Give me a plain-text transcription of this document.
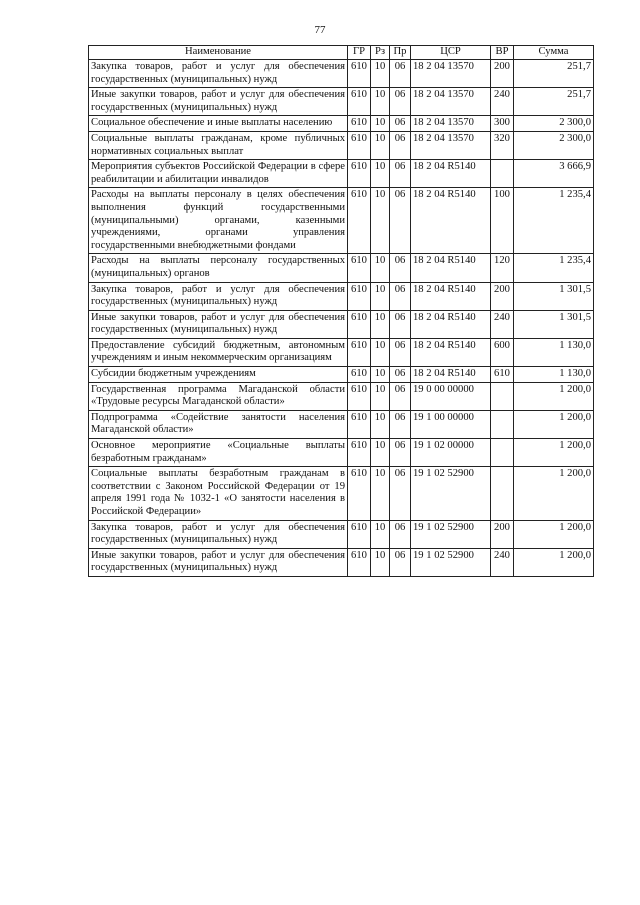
77
Наименование	ГР	Рз	Пр	ЦСР	ВР	Сумма
Закупка товаров, работ и услуг для обеспечения государственных (муниципальных) нужд	610	10	06	18 2 04 13570	200	251,7
Иные закупки товаров, работ и услуг для обеспечения государственных (муниципальных) нужд	610	10	06	18 2 04 13570	240	251,7
Социальное обеспечение и иные выплаты населению	610	10	06	18 2 04 13570	300	2 300,0
Социальные выплаты гражданам, кроме публичных нормативных социальных выплат	610	10	06	18 2 04 13570	320	2 300,0
Мероприятия субъектов Российской Федерации в сфере реабилитации и абилитации инвалидов	610	10	06	18 2 04 R5140		3 666,9
Расходы на выплаты персоналу в целях обеспечения выполнения функций государственными (муниципальными) органами, казенными учреждениями, органами управления государственными внебюджетными фондами	610	10	06	18 2 04 R5140	100	1 235,4
Расходы на выплаты персоналу государственных (муниципальных) органов	610	10	06	18 2 04 R5140	120	1 235,4
Закупка товаров, работ и услуг для обеспечения государственных (муниципальных) нужд	610	10	06	18 2 04 R5140	200	1 301,5
Иные закупки товаров, работ и услуг для обеспечения государственных (муниципальных) нужд	610	10	06	18 2 04 R5140	240	1 301,5
Предоставление субсидий бюджетным, автономным учреждениям и иным некоммерческим организациям	610	10	06	18 2 04 R5140	600	1 130,0
Субсидии бюджетным учреждениям	610	10	06	18 2 04 R5140	610	1 130,0
Государственная программа Магаданской области «Трудовые ресурсы Магаданской области»	610	10	06	19 0 00 00000		1 200,0
Подпрограмма «Содействие занятости населения Магаданской области»	610	10	06	19 1 00 00000		1 200,0
Основное мероприятие «Социальные выплаты безработным гражданам»	610	10	06	19 1 02 00000		1 200,0
Социальные выплаты безработным гражданам в соответствии с Законом Российской Федерации от 19 апреля 1991 года № 1032-1 «О занятости населения в Российской Федерации»	610	10	06	19 1 02 52900		1 200,0
Закупка товаров, работ и услуг для обеспечения государственных (муниципальных) нужд	610	10	06	19 1 02 52900	200	1 200,0
Иные закупки товаров, работ и услуг для обеспечения государственных (муниципальных) нужд	610	10	06	19 1 02 52900	240	1 200,0
